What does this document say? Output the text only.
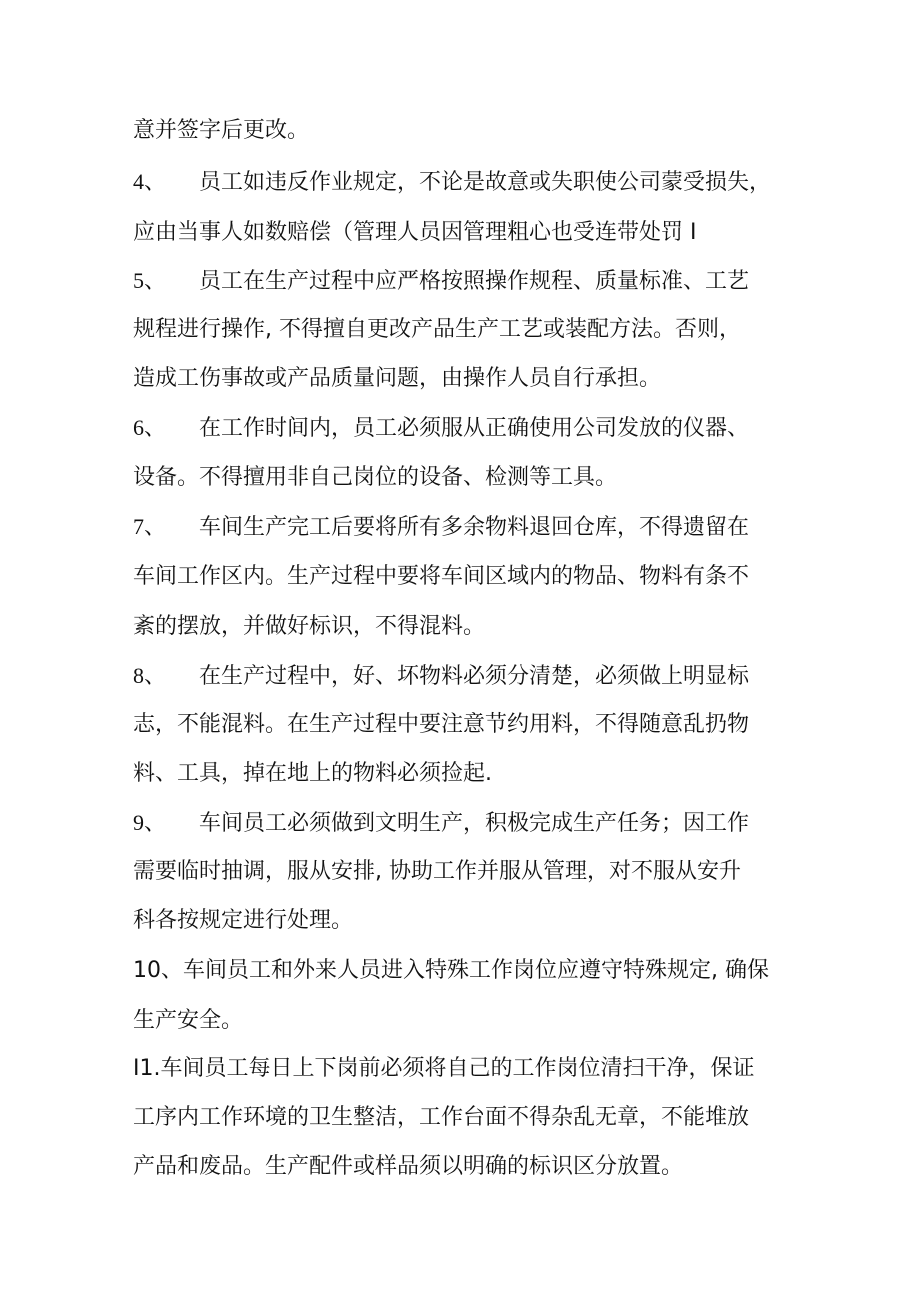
意并签字后更改。
4、 员工如违反作业规定，不论是故意或失职使公司蒙受损失，
应由当事人如数赔偿（管理人员因管理粗心也受连带处罚 I
5、 员工在生产过程中应严格按照操作规程、质量标准、工艺
规程进行操作, 不得擅自更改产品生产工艺或装配方法。否则，
造成工伤事故或产品质量问题，由操作人员自行承担。
6、 在工作时间内，员工必须服从正确使用公司发放的仪器、
设备。不得擅用非自己岗位的设备、检测等工具。
7、 车间生产完工后要将所有多余物料退回仓库，不得遗留在
车间工作区内。生产过程中要将车间区域内的物品、物料有条不
紊的摆放，并做好标识，不得混料。
8、 在生产过程中，好、坏物料必须分清楚，必须做上明显标
志，不能混料。在生产过程中要注意节约用料，不得随意乱扔物
料、工具，掉在地上的物料必须捡起.
9、 车间员工必须做到文明生产，积极完成生产任务；因工作
需要临时抽调，服从安排, 协助工作并服从管理，对不服从安升
科各按规定进行处理。
10、车间员工和外来人员进入特殊工作岗位应遵守特殊规定, 确保
生产安全。
I1.车间员工每日上下岗前必须将自己的工作岗位清扫干净，保证
工序内工作环境的卫生整洁，工作台面不得杂乱无章，不能堆放
产品和废品。生产配件或样品须以明确的标识区分放置。
